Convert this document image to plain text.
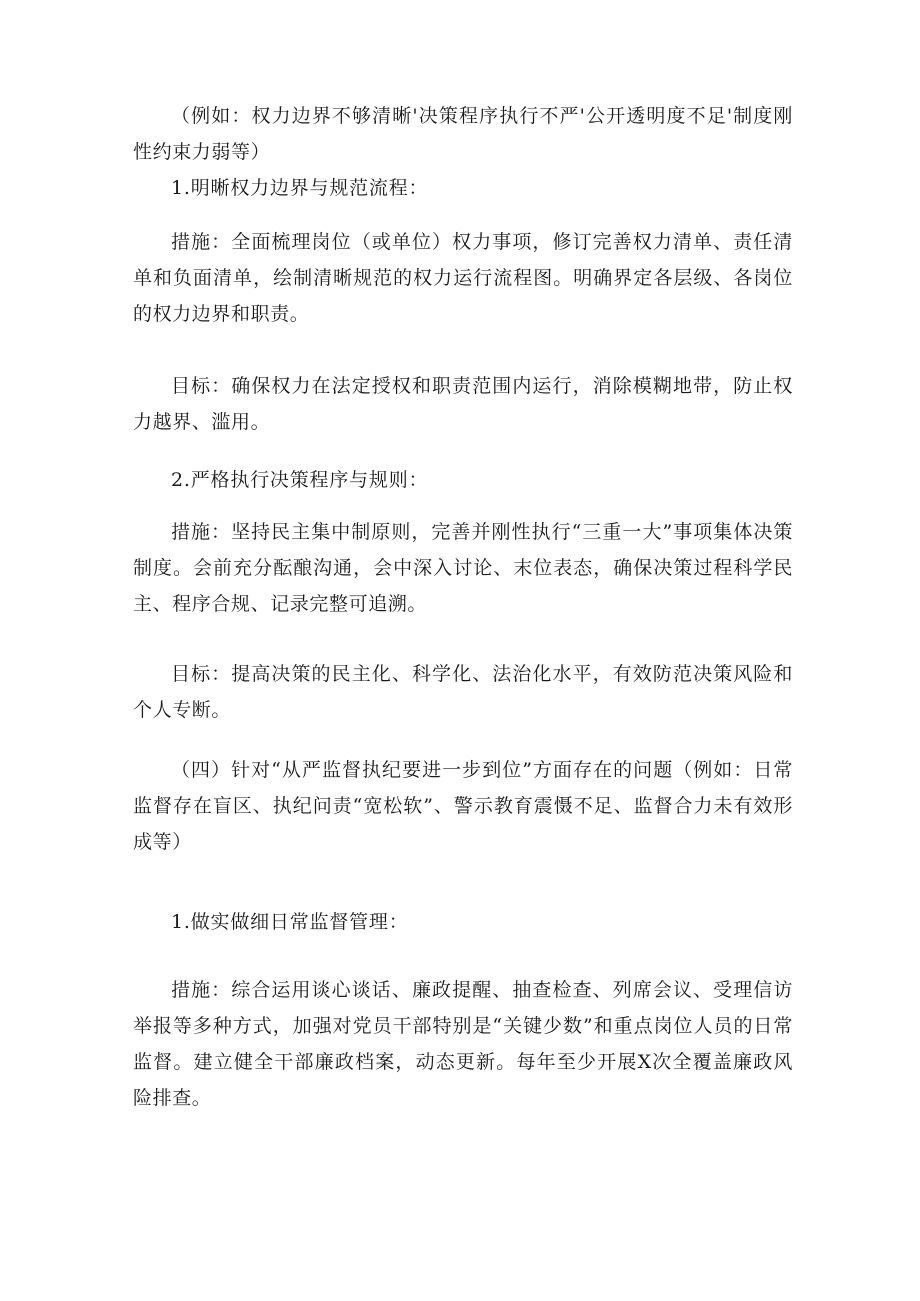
（例如：权力边界不够清晰'决策程序执行不严'公开透明度不足'制度刚性约束力弱等）

1.明晰权力边界与规范流程：

措施：全面梳理岗位（或单位）权力事项，修订完善权力清单、责任清单和负面清单，绘制清晰规范的权力运行流程图。明确界定各层级、各岗位的权力边界和职责。

目标：确保权力在法定授权和职责范围内运行，消除模糊地带，防止权力越界、滥用。

2.严格执行决策程序与规则：

措施：坚持民主集中制原则，完善并刚性执行“三重一大”事项集体决策制度。会前充分酝酿沟通，会中深入讨论、末位表态，确保决策过程科学民主、程序合规、记录完整可追溯。

目标：提高决策的民主化、科学化、法治化水平，有效防范决策风险和个人专断。

（四）针对“从严监督执纪要进一步到位”方面存在的问题（例如：日常监督存在盲区、执纪问责“宽松软”、警示教育震慑不足、监督合力未有效形成等）

1.做实做细日常监督管理：

措施：综合运用谈心谈话、廉政提醒、抽查检查、列席会议、受理信访举报等多种方式，加强对党员干部特别是“关键少数”和重点岗位人员的日常监督。建立健全干部廉政档案，动态更新。每年至少开展X次全覆盖廉政风险排查。
